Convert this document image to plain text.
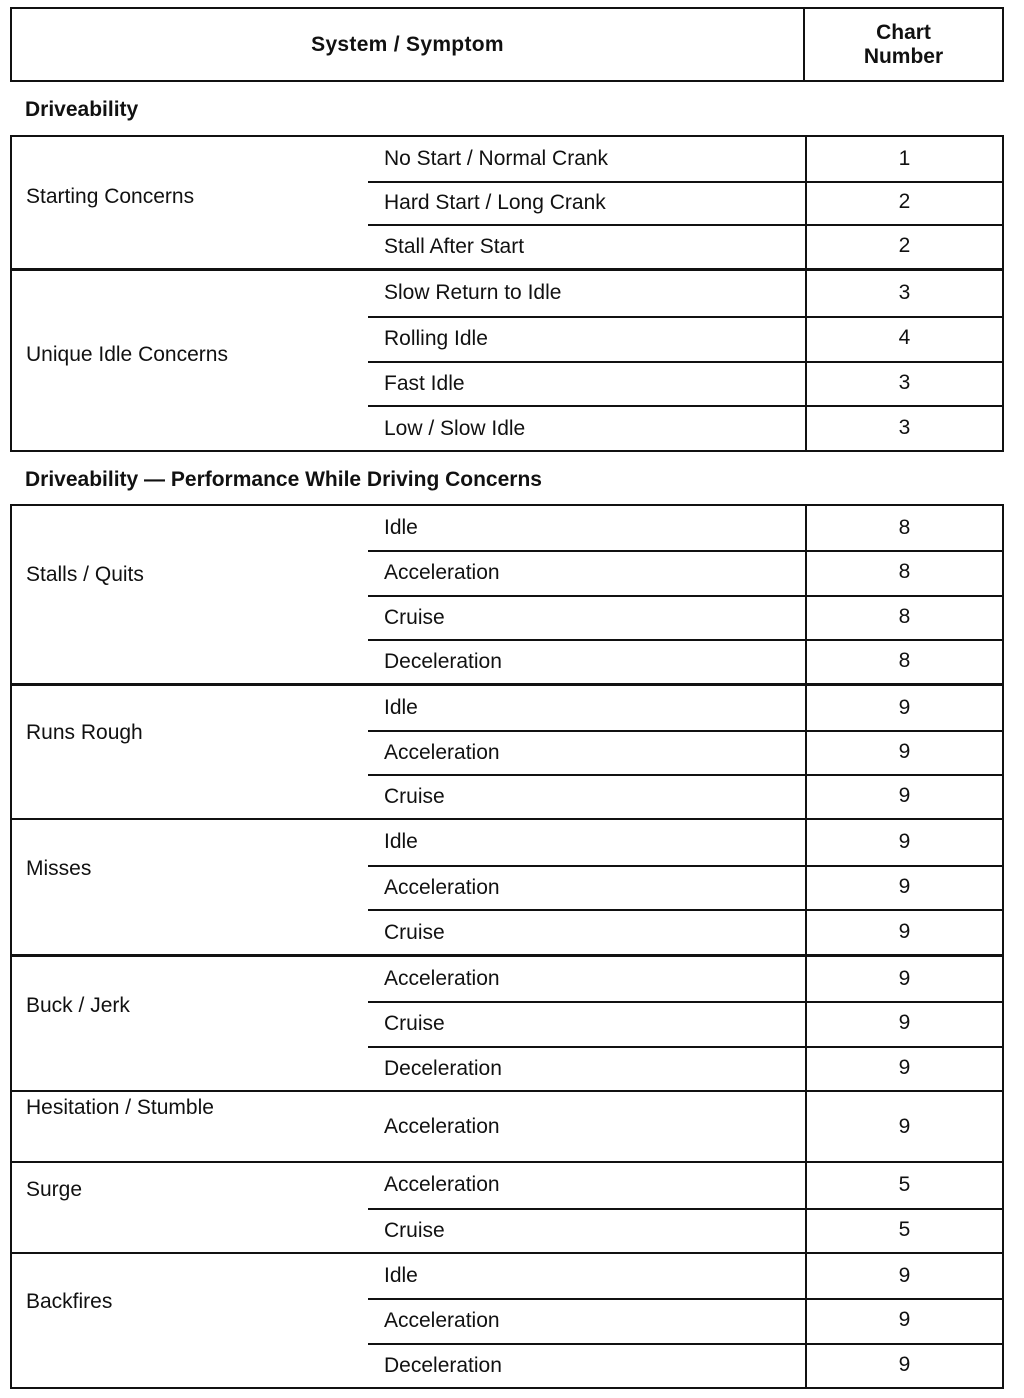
System / Symptom
Chart
Number
Driveability
Starting Concerns
No Start / Normal Crank	1
Hard Start / Long Crank	2
Stall After Start	2
Unique Idle Concerns
Slow Return to Idle	3
Rolling Idle	4
Fast Idle	3
Low / Slow Idle	3
Driveability — Performance While Driving Concerns
Stalls / Quits
Idle	8
Acceleration	8
Cruise	8
Deceleration	8
Runs Rough
Idle	9
Acceleration	9
Cruise	9
Misses
Idle	9
Acceleration	9
Cruise	9
Buck / Jerk
Acceleration	9
Cruise	9
Deceleration	9
Hesitation / Stumble
Acceleration	9
Surge	Acceleration	5
Cruise	5
Backfires
Idle	9
Acceleration	9
Deceleration	9
